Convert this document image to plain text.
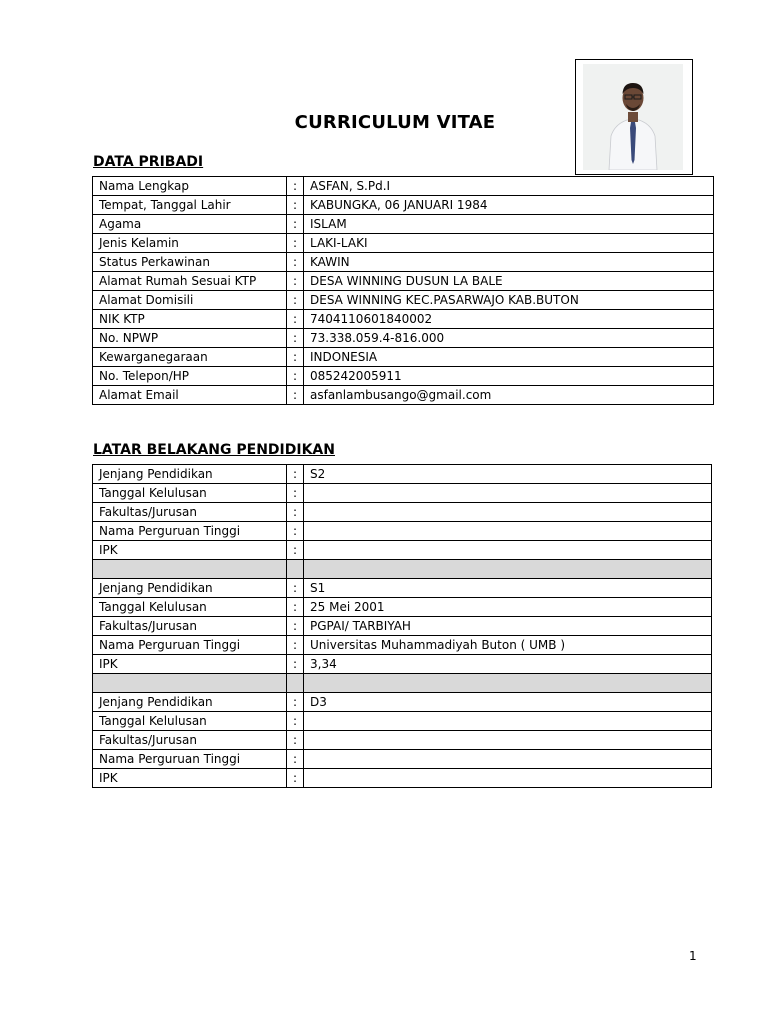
CURRICULUM VITAE
DATA PRIBADI
Nama Lengkap	:	ASFAN, S.Pd.I
Tempat, Tanggal Lahir	:	KABUNGKA, 06 JANUARI 1984
Agama	:	ISLAM
Jenis Kelamin	:	LAKI-LAKI
Status Perkawinan	:	KAWIN
Alamat Rumah Sesuai KTP	:	DESA WINNING DUSUN LA BALE
Alamat Domisili	:	DESA WINNING KEC.PASARWAJO KAB.BUTON
NIK KTP	:	7404110601840002
No. NPWP	:	73.338.059.4-816.000
Kewarganegaraan	:	INDONESIA
No. Telepon/HP	:	085242005911
Alamat Email	:	asfanlambusango@gmail.com
LATAR BELAKANG PENDIDIKAN
Jenjang Pendidikan	:	S2
Tanggal Kelulusan	:	
Fakultas/Jurusan	:	
Nama Perguruan Tinggi	:	
IPK	:	

Jenjang Pendidikan	:	S1
Tanggal Kelulusan	:	25 Mei 2001
Fakultas/Jurusan	:	PGPAI/ TARBIYAH
Nama Perguruan Tinggi	:	Universitas Muhammadiyah Buton ( UMB )
IPK	:	3,34

Jenjang Pendidikan	:	D3
Tanggal Kelulusan	:	
Fakultas/Jurusan	:	
Nama Perguruan Tinggi	:	
IPK	:	
1
